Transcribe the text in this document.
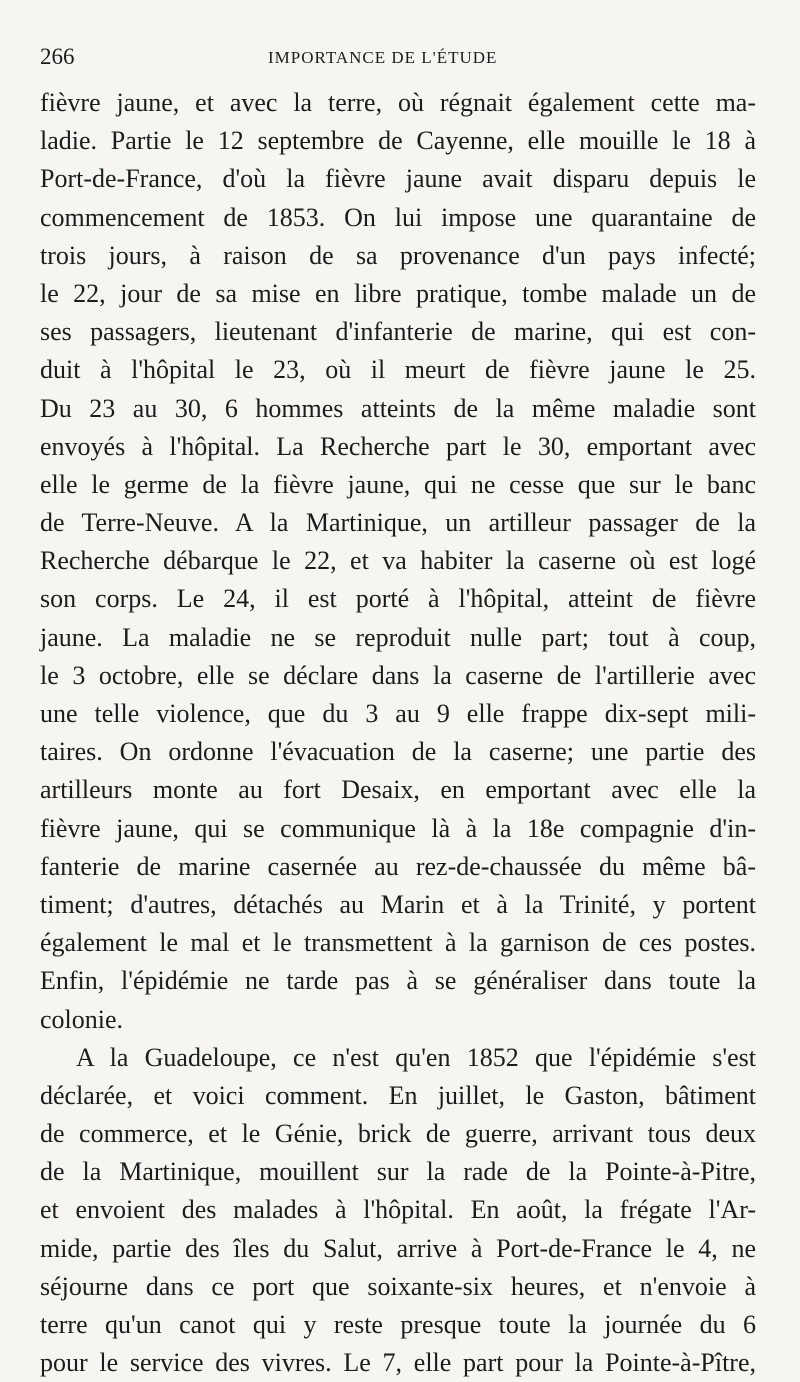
266	IMPORTANCE DE L'ÉTUDE
fièvre jaune, et avec la terre, où régnait également cette ma-
ladie. Partie le 12 septembre de Cayenne, elle mouille le 18 à
Port-de-France, d'où la fièvre jaune avait disparu depuis le
commencement de 1853. On lui impose une quarantaine de
trois jours, à raison de sa provenance d'un pays infecté;
le 22, jour de sa mise en libre pratique, tombe malade un de
ses passagers, lieutenant d'infanterie de marine, qui est con-
duit à l'hôpital le 23, où il meurt de fièvre jaune le 25.
Du 23 au 30, 6 hommes atteints de la même maladie sont
envoyés à l'hôpital. La Recherche part le 30, emportant avec
elle le germe de la fièvre jaune, qui ne cesse que sur le banc
de Terre-Neuve. A la Martinique, un artilleur passager de la
Recherche débarque le 22, et va habiter la caserne où est logé
son corps. Le 24, il est porté à l'hôpital, atteint de fièvre
jaune. La maladie ne se reproduit nulle part; tout à coup,
le 3 octobre, elle se déclare dans la caserne de l'artillerie avec
une telle violence, que du 3 au 9 elle frappe dix-sept mili-
taires. On ordonne l'évacuation de la caserne; une partie des
artilleurs monte au fort Desaix, en emportant avec elle la
fièvre jaune, qui se communique là à la 18e compagnie d'in-
fanterie de marine casernée au rez-de-chaussée du même bâ-
timent; d'autres, détachés au Marin et à la Trinité, y portent
également le mal et le transmettent à la garnison de ces postes.
Enfin, l'épidémie ne tarde pas à se généraliser dans toute la
colonie.
A la Guadeloupe, ce n'est qu'en 1852 que l'épidémie s'est
déclarée, et voici comment. En juillet, le Gaston, bâtiment
de commerce, et le Génie, brick de guerre, arrivant tous deux
de la Martinique, mouillent sur la rade de la Pointe-à-Pitre,
et envoient des malades à l'hôpital. En août, la frégate l'Ar-
mide, partie des îles du Salut, arrive à Port-de-France le 4, ne
séjourne dans ce port que soixante-six heures, et n'envoie à
terre qu'un canot qui y reste presque toute la journée du 6
pour le service des vivres. Le 7, elle part pour la Pointe-à-Pître,
